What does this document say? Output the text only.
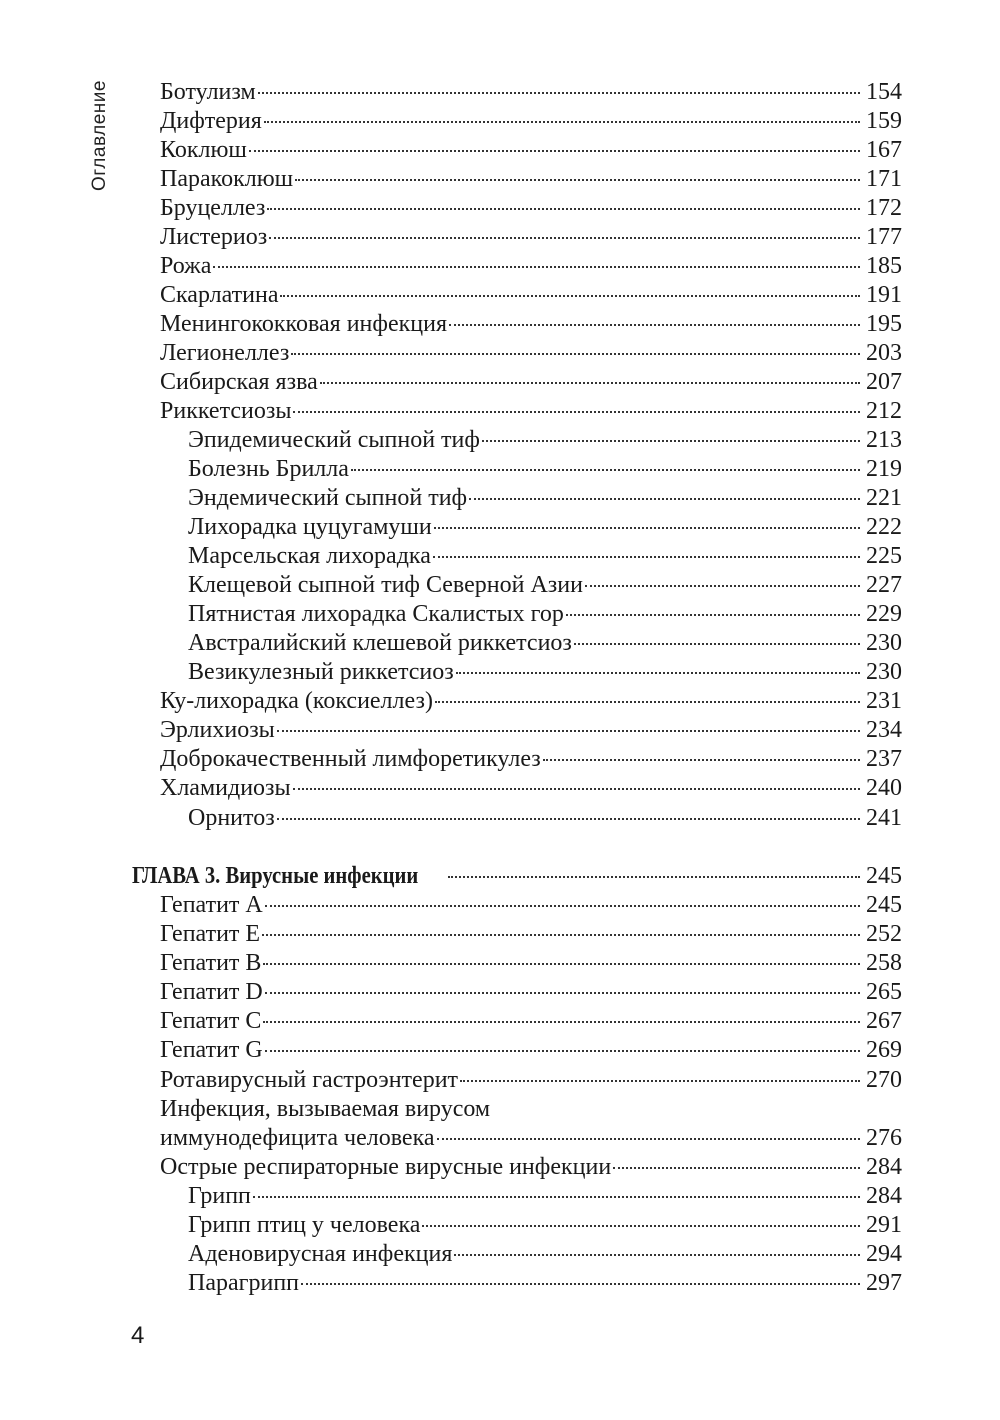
Оглавление Ботулизм	154
Дифтерия	159
Коклюш	167
Паракоклюш	171
Бруцеллез	172
Листериоз	177
Рожа	185
Скарлатина	191
Менингококковая инфекция	195
Легионеллез	203
Сибирская язва	207
Риккетсиозы	212
Эпидемический сыпной тиф	213
Болезнь Брилла	219
Эндемический сыпной тиф	221
Лихорадка цуцугамуши	222
Марсельская лихорадка	225
Клещевой сыпной тиф Северной Азии	227
Пятнистая лихорадка Скалистых гор	229
Австралийский клешевой риккетсиоз	230
Везикулезный риккетсиоз	230
Ку-лихорадка (коксиеллез)	231
Эрлихиозы	234
Доброкачественный лимфоретикулез	237
Хламидиозы	240
Орнитоз	241
ГЛАВА 3. Вирусные инфекции	245
Гепатит А	245
Гепатит Е	252
Гепатит В	258
Гепатит D	265
Гепатит С	267
Гепатит G	269
Ротавирусный гастроэнтерит	270
Инфекция, вызываемая вирусом
иммунодефицита человека	276
Острые респираторные вирусные инфекции	284
Грипп	284
Грипп птиц у человека	291
Аденовирусная инфекция	294
Парагрипп	297
4
